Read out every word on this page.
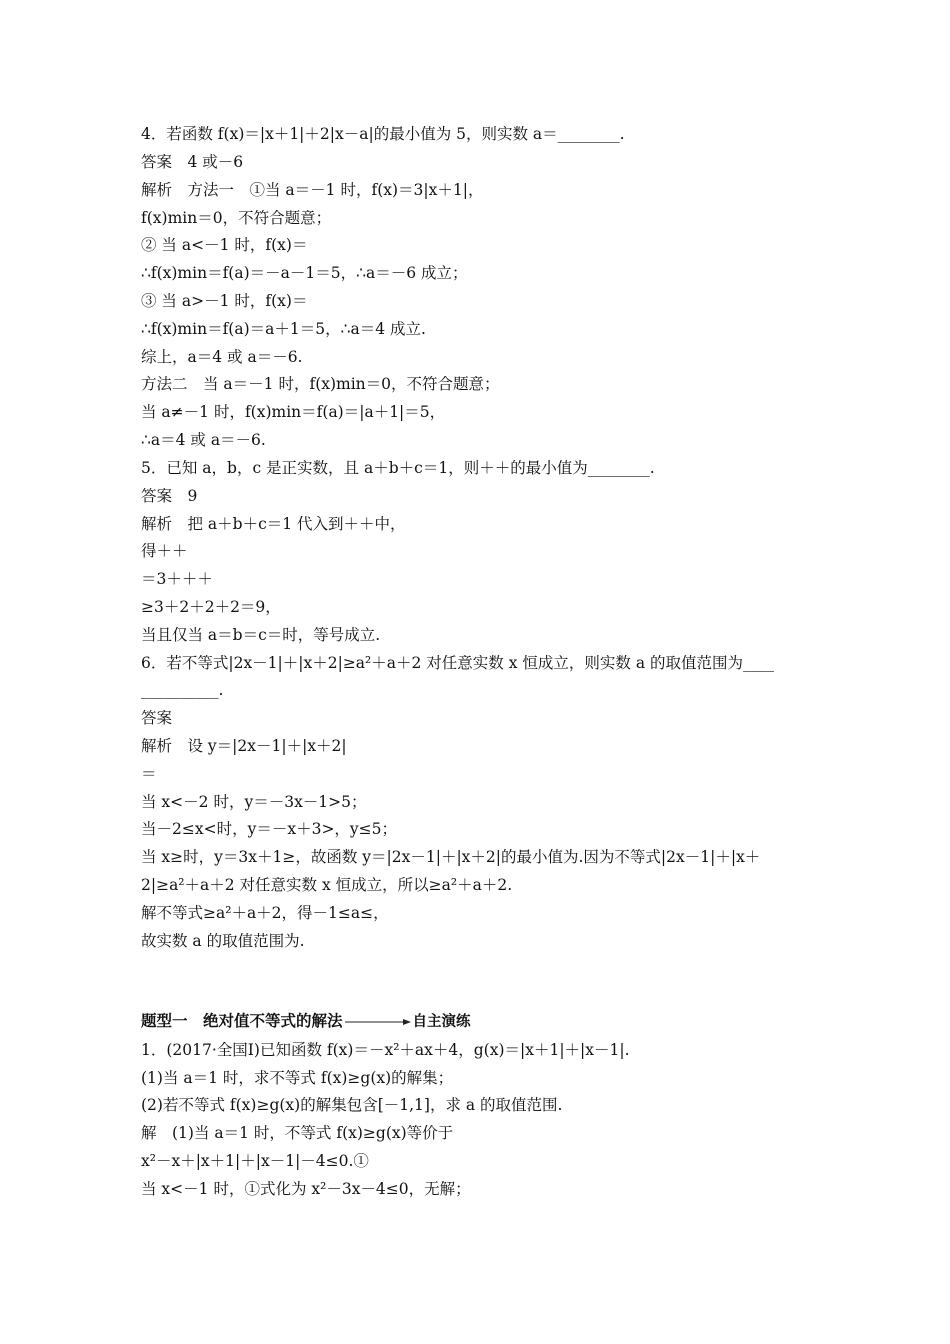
4．若函数 f(x)＝|x＋1|＋2|x－a|的最小值为 5，则实数 a＝________.
答案　4 或－6
解析　方法一　①当 a＝－1 时，f(x)＝3|x＋1|，
f(x)min＝0，不符合题意；
② 当 a<－1 时，f(x)＝
∴f(x)min＝f(a)＝－a－1＝5，∴a＝－6 成立；
③ 当 a>－1 时，f(x)＝
∴f(x)min＝f(a)＝a＋1＝5，∴a＝4 成立.
综上，a＝4 或 a＝－6.
方法二　当 a＝－1 时，f(x)min＝0，不符合题意；
当 a≠－1 时，f(x)min＝f(a)＝|a＋1|＝5，
∴a＝4 或 a＝－6.
5．已知 a，b，c 是正实数，且 a＋b＋c＝1，则＋＋的最小值为________.
答案　9
解析　把 a＋b＋c＝1 代入到＋＋中，
得＋＋
＝3＋＋＋
≥3＋2＋2＋2＝9，
当且仅当 a＝b＝c＝时，等号成立.
6．若不等式|2x－1|＋|x＋2|≥a²＋a＋2 对任意实数 x 恒成立，则实数 a 的取值范围为____
__________.
答案
解析　设 y＝|2x－1|＋|x＋2|
＝
当 x<－2 时，y＝－3x－1>5；
当－2≤x<时，y＝－x＋3>，y≤5；
当 x≥时，y＝3x＋1≥，故函数 y＝|2x－1|＋|x＋2|的最小值为.因为不等式|2x－1|＋|x＋
2|≥a²＋a＋2 对任意实数 x 恒成立，所以≥a²＋a＋2.
解不等式≥a²＋a＋2，得－1≤a≤，
故实数 a 的取值范围为.
题型一　绝对值不等式的解法	自主演练
1．(2017·全国Ⅰ)已知函数 f(x)＝－x²＋ax＋4，g(x)＝|x＋1|＋|x－1|.
(1)当 a＝1 时，求不等式 f(x)≥g(x)的解集；
(2)若不等式 f(x)≥g(x)的解集包含[－1,1]，求 a 的取值范围.
解　(1)当 a＝1 时，不等式 f(x)≥g(x)等价于
x²－x＋|x＋1|＋|x－1|－4≤0.①
当 x<－1 时，①式化为 x²－3x－4≤0，无解；
